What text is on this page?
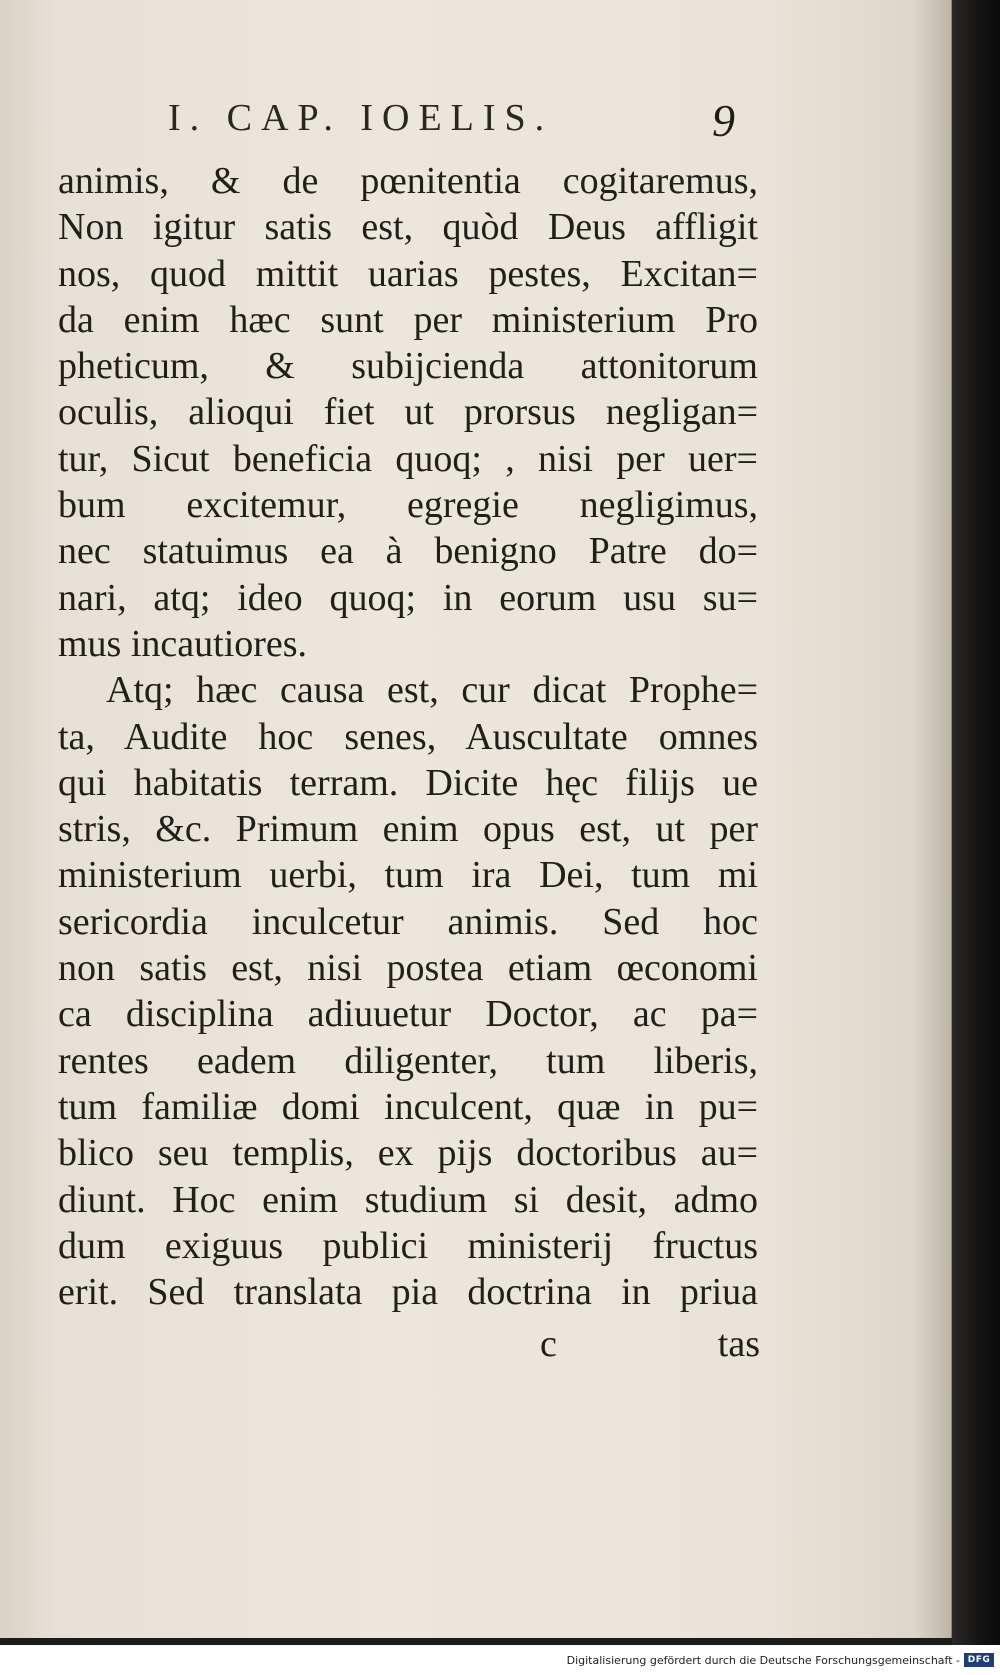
I. CAP. IOELIS.	9
animis, & de pœnitentia cogitaremus,
Non igitur satis est, quòd Deus affligit
nos, quod mittit uarias pestes, Excitan=
da enim hæc sunt per ministerium Pro
pheticum, & subijcienda attonitorum
oculis, alioqui fiet ut prorsus negligan=
tur, Sicut beneficia quoq; , nisi per uer=
bum excitemur, egregie negligimus,
nec statuimus ea à benigno Patre do=
nari, atq; ideo quoq; in eorum usu su=
mus incautiores.
Atq; hæc causa est, cur dicat Prophe=
ta, Audite hoc senes, Auscultate omnes
qui habitatis terram. Dicite hęc filijs ue
stris, &c. Primum enim opus est, ut per
ministerium uerbi, tum ira Dei, tum mi
sericordia inculcetur animis. Sed hoc
non satis est, nisi postea etiam œconomi
ca disciplina adiuuetur Doctor, ac pa=
rentes eadem diligenter, tum liberis,
tum familiæ domi inculcent, quæ in pu=
blico seu templis, ex pijs doctoribus au=
diunt. Hoc enim studium si desit, admo
dum exiguus publici ministerij fructus
erit. Sed translata pia doctrina in priua
c	tas
Digitalisierung gefördert durch die Deutsche Forschungsgemeinschaft - DFG
